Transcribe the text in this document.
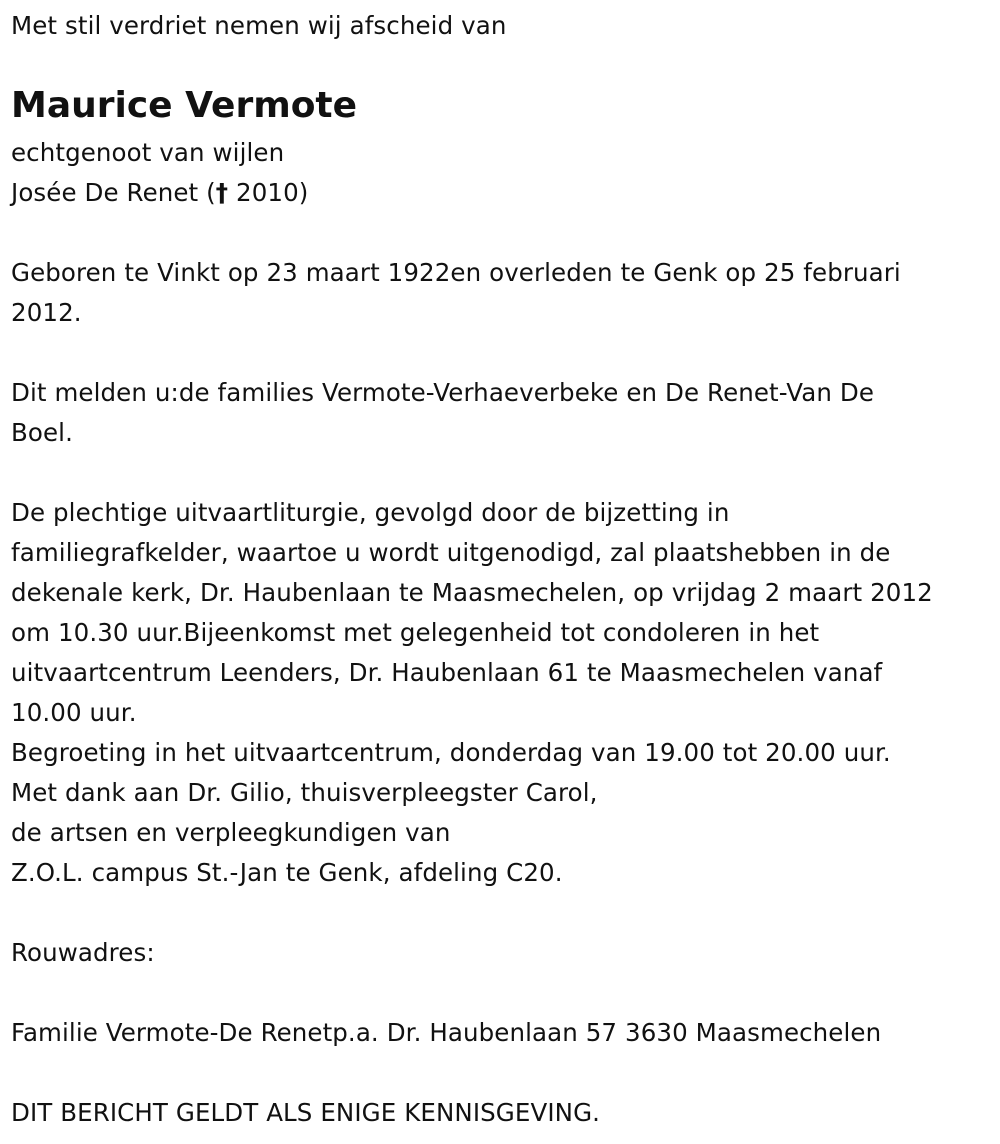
Met stil verdriet nemen wij afscheid van
Maurice Vermote
echtgenoot van wijlen
Josée De Renet († 2010)
Geboren te Vinkt op 23 maart 1922en overleden te Genk op 25 februari
2012.
Dit melden u:de families Vermote-Verhaeverbeke en De Renet-Van De
Boel.
De plechtige uitvaartliturgie, gevolgd door de bijzetting in
familiegrafkelder, waartoe u wordt uitgenodigd, zal plaatshebben in de
dekenale kerk, Dr. Haubenlaan te Maasmechelen, op vrijdag 2 maart 2012
om 10.30 uur.Bijeenkomst met gelegenheid tot condoleren in het
uitvaartcentrum Leenders, Dr. Haubenlaan 61 te Maasmechelen vanaf
10.00 uur.
Begroeting in het uitvaartcentrum, donderdag van 19.00 tot 20.00 uur.
Met dank aan Dr. Gilio, thuisverpleegster Carol,
de artsen en verpleegkundigen van
Z.O.L. campus St.-Jan te Genk, afdeling C20.
Rouwadres:
Familie Vermote-De Renetp.a. Dr. Haubenlaan 57 3630 Maasmechelen
DIT BERICHT GELDT ALS ENIGE KENNISGEVING.
